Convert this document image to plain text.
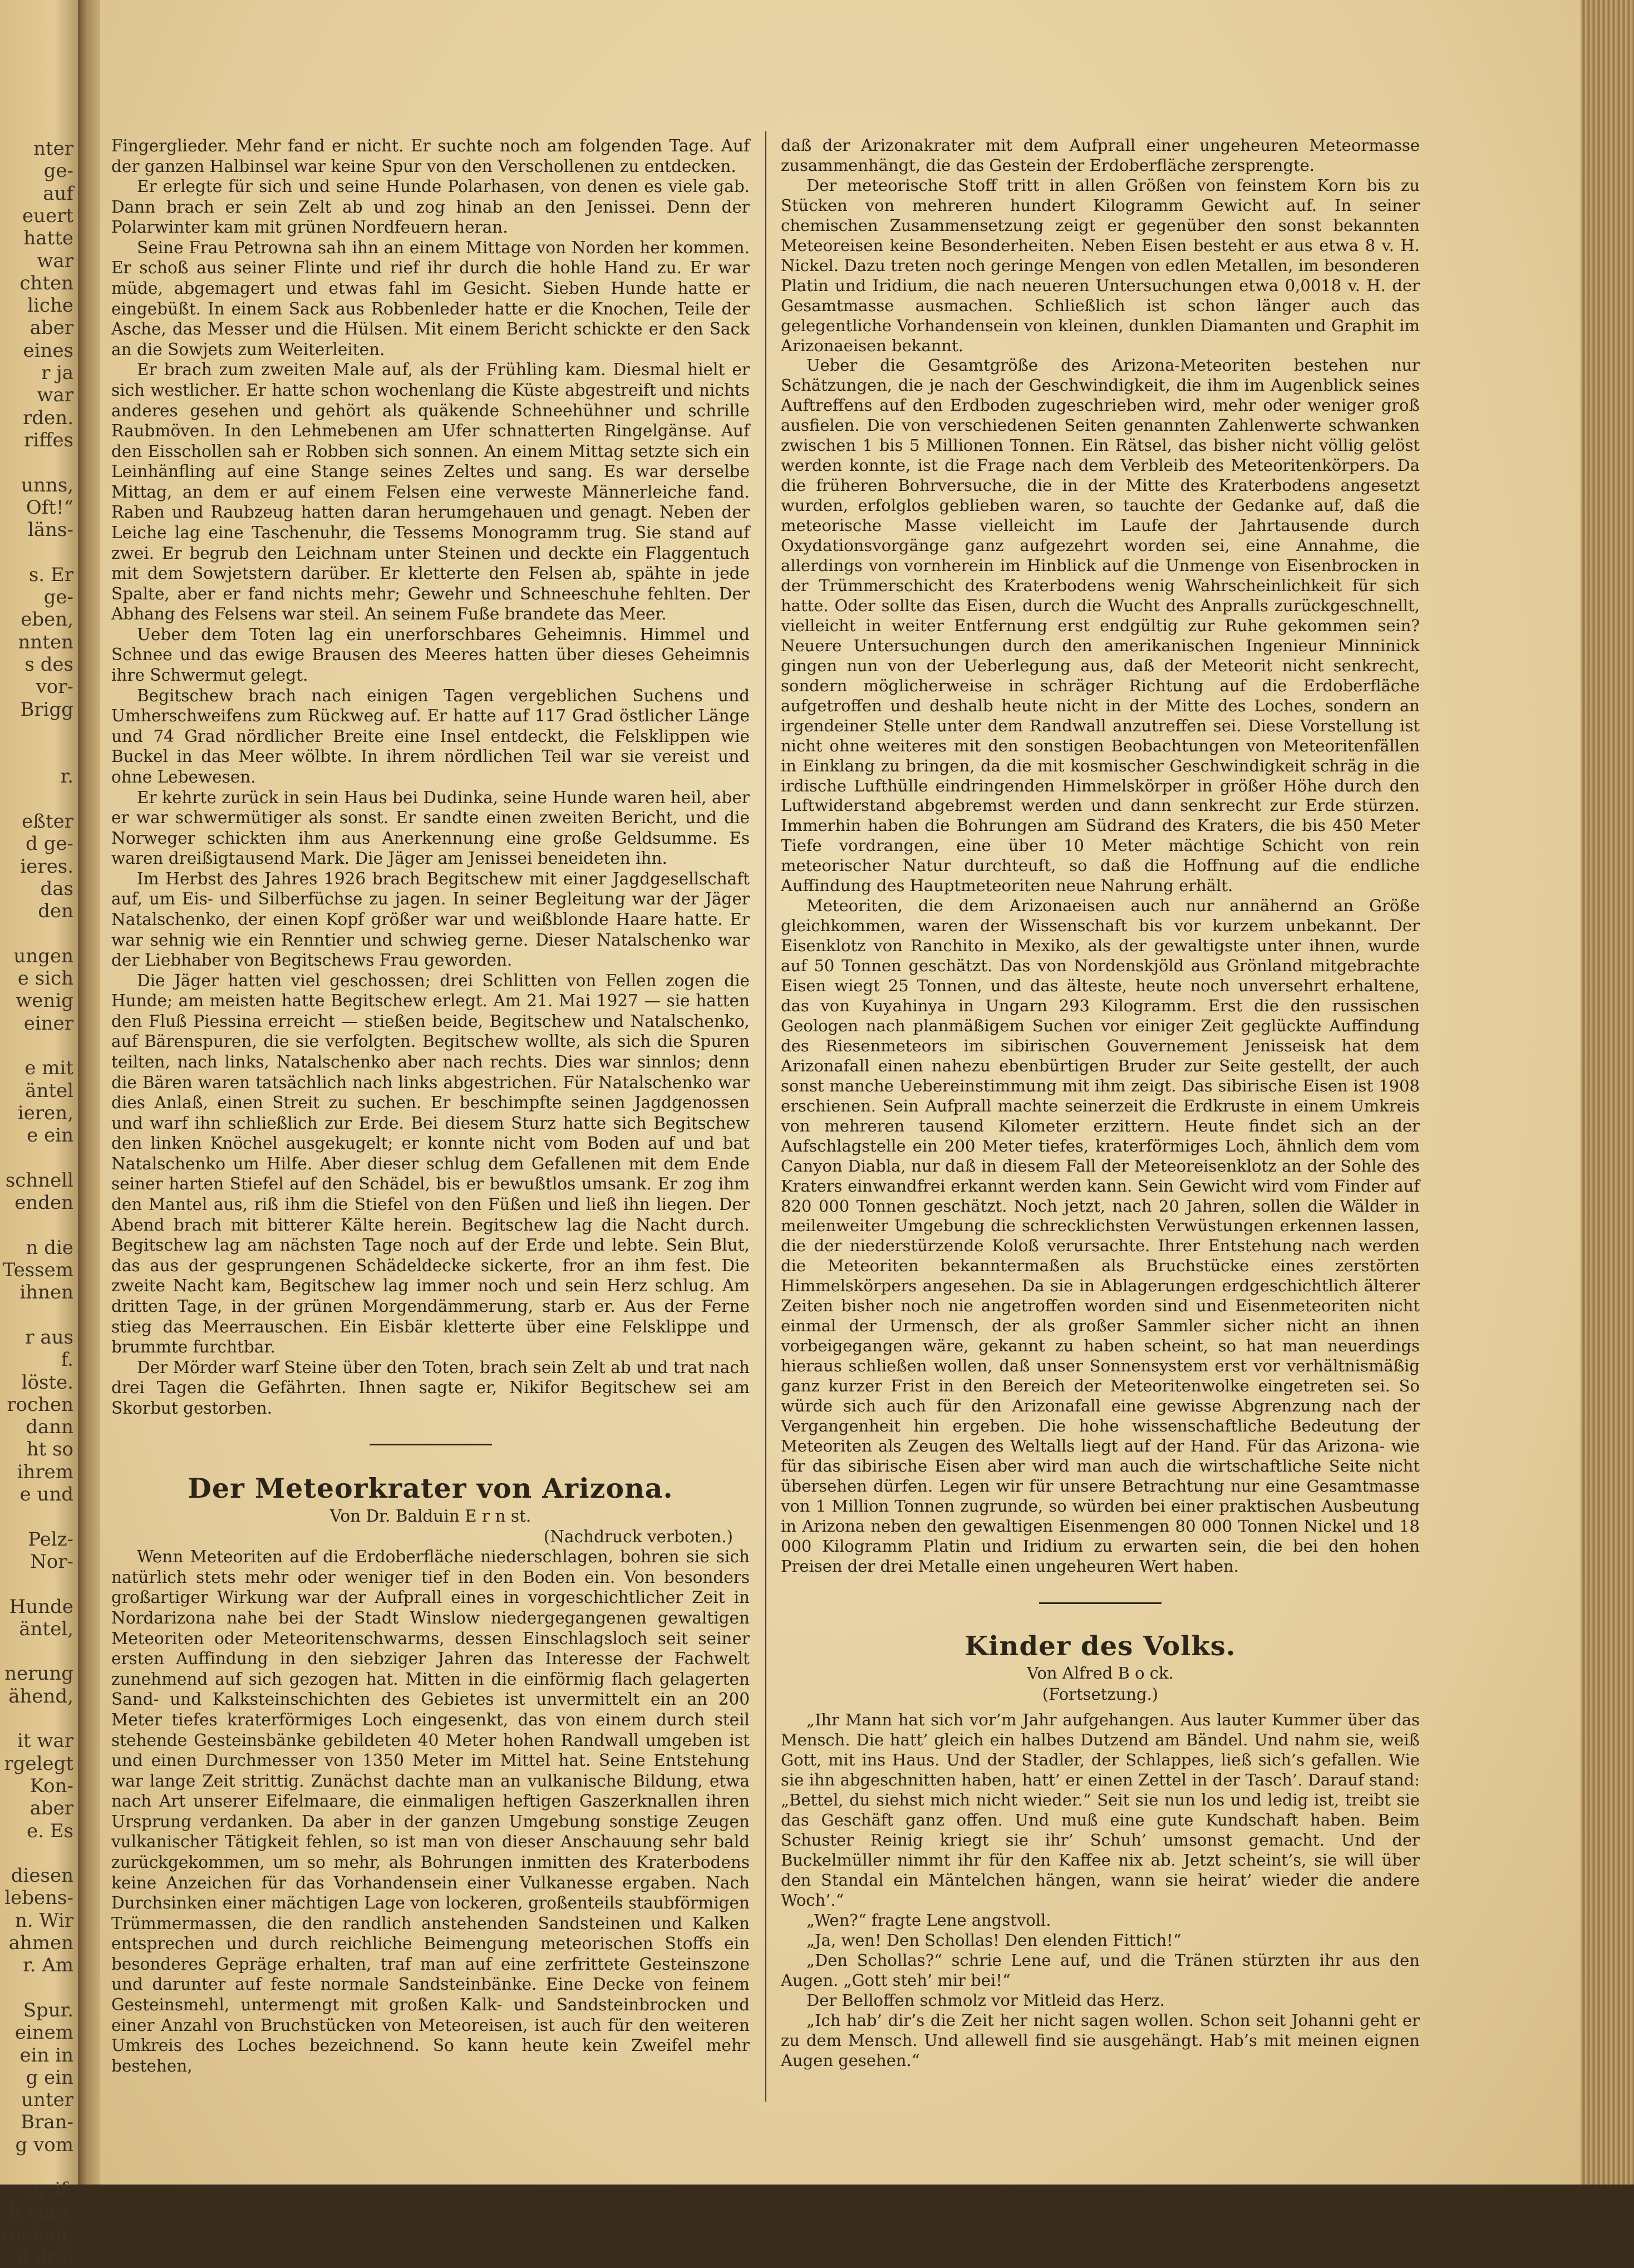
nter
ge-
auf
euert
hatte
war
chten
liche
aber
eines
r ja
war
rden.
riffes
unns,
Oft!“
läns-
s. Er
ge-
eben,
nnten
s des
vor-
Brigg
r.
eßter
d ge-
ieres.
das
den
ungen
e sich
wenig
einer
e mit
äntel
ieren,
e ein
schnell
enden
n die
Tessem
ihnen
r aus
f.
löste.
rochen
dann
ht so
ihrem
e und
Pelz-
Nor-
Hunde
äntel,
nerung
ähend,
it war
rgelegt
Kon-
aber
e. Es
diesen
lebens-
n. Wir
ahmen
r. Am
Spur.
einem
ein in
g ein
unter
Bran-
g vom
egrif-
h eine.
rochen,
d drei

Fingerglieder. Mehr fand er nicht. Er suchte noch am folgenden Tage. Auf der ganzen Halbinsel war keine Spur von den Verschollenen zu entdecken.

Er erlegte für sich und seine Hunde Polarhasen, von denen es viele gab. Dann brach er sein Zelt ab und zog hinab an den Jenissei. Denn der Polarwinter kam mit grünen Nordfeuern heran.

Seine Frau Petrowna sah ihn an einem Mittage von Norden her kommen. Er schoß aus seiner Flinte und rief ihr durch die hohle Hand zu. Er war müde, abgemagert und etwas fahl im Gesicht. Sieben Hunde hatte er eingebüßt. In einem Sack aus Robbenleder hatte er die Knochen, Teile der Asche, das Messer und die Hülsen. Mit einem Bericht schickte er den Sack an die Sowjets zum Weiterleiten.

Er brach zum zweiten Male auf, als der Frühling kam. Diesmal hielt er sich westlicher. Er hatte schon wochenlang die Küste abgestreift und nichts anderes gesehen und gehört als quäkende Schneehühner und schrille Raubmöven. In den Lehmebenen am Ufer schnatterten Ringelgänse. Auf den Eisschollen sah er Robben sich sonnen. An einem Mittag setzte sich ein Leinhänfling auf eine Stange seines Zeltes und sang. Es war derselbe Mittag, an dem er auf einem Felsen eine verweste Männerleiche fand. Raben und Raubzeug hatten daran herumgehauen und genagt. Neben der Leiche lag eine Taschenuhr, die Tessems Monogramm trug. Sie stand auf zwei. Er begrub den Leichnam unter Steinen und deckte ein Flaggentuch mit dem Sowjetstern darüber. Er kletterte den Felsen ab, spähte in jede Spalte, aber er fand nichts mehr; Gewehr und Schneeschuhe fehlten. Der Abhang des Felsens war steil. An seinem Fuße brandete das Meer.

Ueber dem Toten lag ein unerforschbares Geheimnis. Himmel und Schnee und das ewige Brausen des Meeres hatten über dieses Geheimnis ihre Schwermut gelegt.

Begitschew brach nach einigen Tagen vergeblichen Suchens und Umherschweifens zum Rückweg auf. Er hatte auf 117 Grad östlicher Länge und 74 Grad nördlicher Breite eine Insel entdeckt, die Felsklippen wie Buckel in das Meer wölbte. In ihrem nördlichen Teil war sie vereist und ohne Lebewesen.

Er kehrte zurück in sein Haus bei Dudinka, seine Hunde waren heil, aber er war schwermütiger als sonst. Er sandte einen zweiten Bericht, und die Norweger schickten ihm aus Anerkennung eine große Geldsumme. Es waren dreißigtausend Mark. Die Jäger am Jenissei beneideten ihn.

Im Herbst des Jahres 1926 brach Begitschew mit einer Jagdgesellschaft auf, um Eis- und Silberfüchse zu jagen. In seiner Begleitung war der Jäger Natalschenko, der einen Kopf größer war und weißblonde Haare hatte. Er war sehnig wie ein Renntier und schwieg gerne. Dieser Natalschenko war der Liebhaber von Begitschews Frau geworden.

Die Jäger hatten viel geschossen; drei Schlitten von Fellen zogen die Hunde; am meisten hatte Begitschew erlegt. Am 21. Mai 1927 — sie hatten den Fluß Piessina erreicht — stießen beide, Begitschew und Natalschenko, auf Bärenspuren, die sie verfolgten. Begitschew wollte, als sich die Spuren teilten, nach links, Natalschenko aber nach rechts. Dies war sinnlos; denn die Bären waren tatsächlich nach links abgestrichen. Für Natalschenko war dies Anlaß, einen Streit zu suchen. Er beschimpfte seinen Jagdgenossen und warf ihn schließlich zur Erde. Bei diesem Sturz hatte sich Begitschew den linken Knöchel ausgekugelt; er konnte nicht vom Boden auf und bat Natalschenko um Hilfe. Aber dieser schlug dem Gefallenen mit dem Ende seiner harten Stiefel auf den Schädel, bis er bewußtlos umsank. Er zog ihm den Mantel aus, riß ihm die Stiefel von den Füßen und ließ ihn liegen. Der Abend brach mit bitterer Kälte herein. Begitschew lag die Nacht durch. Begitschew lag am nächsten Tage noch auf der Erde und lebte. Sein Blut, das aus der gesprungenen Schädeldecke sickerte, fror an ihm fest. Die zweite Nacht kam, Begitschew lag immer noch und sein Herz schlug. Am dritten Tage, in der grünen Morgendämmerung, starb er. Aus der Ferne stieg das Meerrauschen. Ein Eisbär kletterte über eine Felsklippe und brummte furchtbar.

Der Mörder warf Steine über den Toten, brach sein Zelt ab und trat nach drei Tagen die Gefährten. Ihnen sagte er, Nikifor Begitschew sei am Skorbut gestorben.

Der Meteorkrater von Arizona.

Von Dr. Balduin E r n st.

(Nachdruck verboten.)

Wenn Meteoriten auf die Erdoberfläche niederschlagen, bohren sie sich natürlich stets mehr oder weniger tief in den Boden ein. Von besonders großartiger Wirkung war der Aufprall eines in vorgeschichtlicher Zeit in Nordarizona nahe bei der Stadt Winslow niedergegangenen gewaltigen Meteoriten oder Meteoritenschwarms, dessen Einschlagsloch seit seiner ersten Auffindung in den siebziger Jahren das Interesse der Fachwelt zunehmend auf sich gezogen hat. Mitten in die einförmig flach gelagerten Sand- und Kalksteinschichten des Gebietes ist unvermittelt ein an 200 Meter tiefes kraterförmiges Loch eingesenkt, das von einem durch steil stehende Gesteinsbänke gebildeten 40 Meter hohen Randwall umgeben ist und einen Durchmesser von 1350 Meter im Mittel hat. Seine Entstehung war lange Zeit strittig. Zunächst dachte man an vulkanische Bildung, etwa nach Art unserer Eifelmaare, die einmaligen heftigen Gaszerknallen ihren Ursprung verdanken. Da aber in der ganzen Umgebung sonstige Zeugen vulkanischer Tätigkeit fehlen, so ist man von dieser Anschauung sehr bald zurückgekommen, um so mehr, als Bohrungen inmitten des Kraterbodens keine Anzeichen für das Vorhandensein einer Vulkanesse ergaben. Nach Durchsinken einer mächtigen Lage von lockeren, großenteils staubförmigen Trümmermassen, die den randlich anstehenden Sandsteinen und Kalken entsprechen und durch reichliche Beimengung meteorischen Stoffs ein besonderes Gepräge erhalten, traf man auf eine zerfrittete Gesteinszone und darunter auf feste normale Sandsteinbänke. Eine Decke von feinem Gesteinsmehl, untermengt mit großen Kalk- und Sandsteinbrocken und einer Anzahl von Bruchstücken von Meteoreisen, ist auch für den weiteren Umkreis des Loches bezeichnend. So kann heute kein Zweifel mehr bestehen,

daß der Arizonakrater mit dem Aufprall einer ungeheuren Meteormasse zusammenhängt, die das Gestein der Erdoberfläche zersprengte.

Der meteorische Stoff tritt in allen Größen von feinstem Korn bis zu Stücken von mehreren hundert Kilogramm Gewicht auf. In seiner chemischen Zusammensetzung zeigt er gegenüber den sonst bekannten Meteoreisen keine Besonderheiten. Neben Eisen besteht er aus etwa 8 v. H. Nickel. Dazu treten noch geringe Mengen von edlen Metallen, im besonderen Platin und Iridium, die nach neueren Untersuchungen etwa 0,0018 v. H. der Gesamtmasse ausmachen. Schließlich ist schon länger auch das gelegentliche Vorhandensein von kleinen, dunklen Diamanten und Graphit im Arizonaeisen bekannt.

Ueber die Gesamtgröße des Arizona-Meteoriten bestehen nur Schätzungen, die je nach der Geschwindigkeit, die ihm im Augenblick seines Auftreffens auf den Erdboden zugeschrieben wird, mehr oder weniger groß ausfielen. Die von verschiedenen Seiten genannten Zahlenwerte schwanken zwischen 1 bis 5 Millionen Tonnen. Ein Rätsel, das bisher nicht völlig gelöst werden konnte, ist die Frage nach dem Verbleib des Meteoritenkörpers. Da die früheren Bohrversuche, die in der Mitte des Kraterbodens angesetzt wurden, erfolglos geblieben waren, so tauchte der Gedanke auf, daß die meteorische Masse vielleicht im Laufe der Jahrtausende durch Oxydationsvorgänge ganz aufgezehrt worden sei, eine Annahme, die allerdings von vornherein im Hinblick auf die Unmenge von Eisenbrocken in der Trümmerschicht des Kraterbodens wenig Wahrscheinlichkeit für sich hatte. Oder sollte das Eisen, durch die Wucht des Anpralls zurückgeschnellt, vielleicht in weiter Entfernung erst endgültig zur Ruhe gekommen sein? Neuere Untersuchungen durch den amerikanischen Ingenieur Minninick gingen nun von der Ueberlegung aus, daß der Meteorit nicht senkrecht, sondern möglicherweise in schräger Richtung auf die Erdoberfläche aufgetroffen und deshalb heute nicht in der Mitte des Loches, sondern an irgendeiner Stelle unter dem Randwall anzutreffen sei. Diese Vorstellung ist nicht ohne weiteres mit den sonstigen Beobachtungen von Meteoritenfällen in Einklang zu bringen, da die mit kosmischer Geschwindigkeit schräg in die irdische Lufthülle eindringenden Himmelskörper in größer Höhe durch den Luftwiderstand abgebremst werden und dann senkrecht zur Erde stürzen. Immerhin haben die Bohrungen am Südrand des Kraters, die bis 450 Meter Tiefe vordrangen, eine über 10 Meter mächtige Schicht von rein meteorischer Natur durchteuft, so daß die Hoffnung auf die endliche Auffindung des Hauptmeteoriten neue Nahrung erhält.

Meteoriten, die dem Arizonaeisen auch nur annähernd an Größe gleichkommen, waren der Wissenschaft bis vor kurzem unbekannt. Der Eisenklotz von Ranchito in Mexiko, als der gewaltigste unter ihnen, wurde auf 50 Tonnen geschätzt. Das von Nordenskjöld aus Grönland mitgebrachte Eisen wiegt 25 Tonnen, und das älteste, heute noch unversehrt erhaltene, das von Kuyahinya in Ungarn 293 Kilogramm. Erst die den russischen Geologen nach planmäßigem Suchen vor einiger Zeit geglückte Auffindung des Riesenmeteors im sibirischen Gouvernement Jenisseisk hat dem Arizonafall einen nahezu ebenbürtigen Bruder zur Seite gestellt, der auch sonst manche Uebereinstimmung mit ihm zeigt. Das sibirische Eisen ist 1908 erschienen. Sein Aufprall machte seinerzeit die Erdkruste in einem Umkreis von mehreren tausend Kilometer erzittern. Heute findet sich an der Aufschlagstelle ein 200 Meter tiefes, kraterförmiges Loch, ähnlich dem vom Canyon Diabla, nur daß in diesem Fall der Meteoreisenklotz an der Sohle des Kraters einwandfrei erkannt werden kann. Sein Gewicht wird vom Finder auf 820 000 Tonnen geschätzt. Noch jetzt, nach 20 Jahren, sollen die Wälder in meilenweiter Umgebung die schrecklichsten Verwüstungen erkennen lassen, die der niederstürzende Koloß verursachte. Ihrer Entstehung nach werden die Meteoriten bekanntermaßen als Bruchstücke eines zerstörten Himmelskörpers angesehen. Da sie in Ablagerungen erdgeschichtlich älterer Zeiten bisher noch nie angetroffen worden sind und Eisenmeteoriten nicht einmal der Urmensch, der als großer Sammler sicher nicht an ihnen vorbeigegangen wäre, gekannt zu haben scheint, so hat man neuerdings hieraus schließen wollen, daß unser Sonnensystem erst vor verhältnismäßig ganz kurzer Frist in den Bereich der Meteoritenwolke eingetreten sei. So würde sich auch für den Arizonafall eine gewisse Abgrenzung nach der Vergangenheit hin ergeben. Die hohe wissenschaftliche Bedeutung der Meteoriten als Zeugen des Weltalls liegt auf der Hand. Für das Arizona- wie für das sibirische Eisen aber wird man auch die wirtschaftliche Seite nicht übersehen dürfen. Legen wir für unsere Betrachtung nur eine Gesamtmasse von 1 Million Tonnen zugrunde, so würden bei einer praktischen Ausbeutung in Arizona neben den gewaltigen Eisenmengen 80 000 Tonnen Nickel und 18 000 Kilogramm Platin und Iridium zu erwarten sein, die bei den hohen Preisen der drei Metalle einen ungeheuren Wert haben.

Kinder des Volks.

Von Alfred B o ck.

(Fortsetzung.)

„Ihr Mann hat sich vor’m Jahr aufgehangen. Aus lauter Kummer über das Mensch. Die hatt’ gleich ein halbes Dutzend am Bändel. Und nahm sie, weiß Gott, mit ins Haus. Und der Stadler, der Schlappes, ließ sich’s gefallen. Wie sie ihn abgeschnitten haben, hatt’ er einen Zettel in der Tasch’. Darauf stand: „Bettel, du siehst mich nicht wieder.“ Seit sie nun los und ledig ist, treibt sie das Geschäft ganz offen. Und muß eine gute Kundschaft haben. Beim Schuster Reinig kriegt sie ihr’ Schuh’ umsonst gemacht. Und der Buckelmüller nimmt ihr für den Kaffee nix ab. Jetzt scheint’s, sie will über den Standal ein Mäntelchen hängen, wann sie heirat’ wieder die andere Woch’.“

„Wen?“ fragte Lene angstvoll.

„Ja, wen! Den Schollas! Den elenden Fittich!“

„Den Schollas?“ schrie Lene auf, und die Tränen stürzten ihr aus den Augen. „Gott steh’ mir bei!“

Der Belloffen schmolz vor Mitleid das Herz.

„Ich hab’ dir’s die Zeit her nicht sagen wollen. Schon seit Johanni geht er zu dem Mensch. Und allewell find sie ausgehängt. Hab’s mit meinen eignen Augen gesehen.“
